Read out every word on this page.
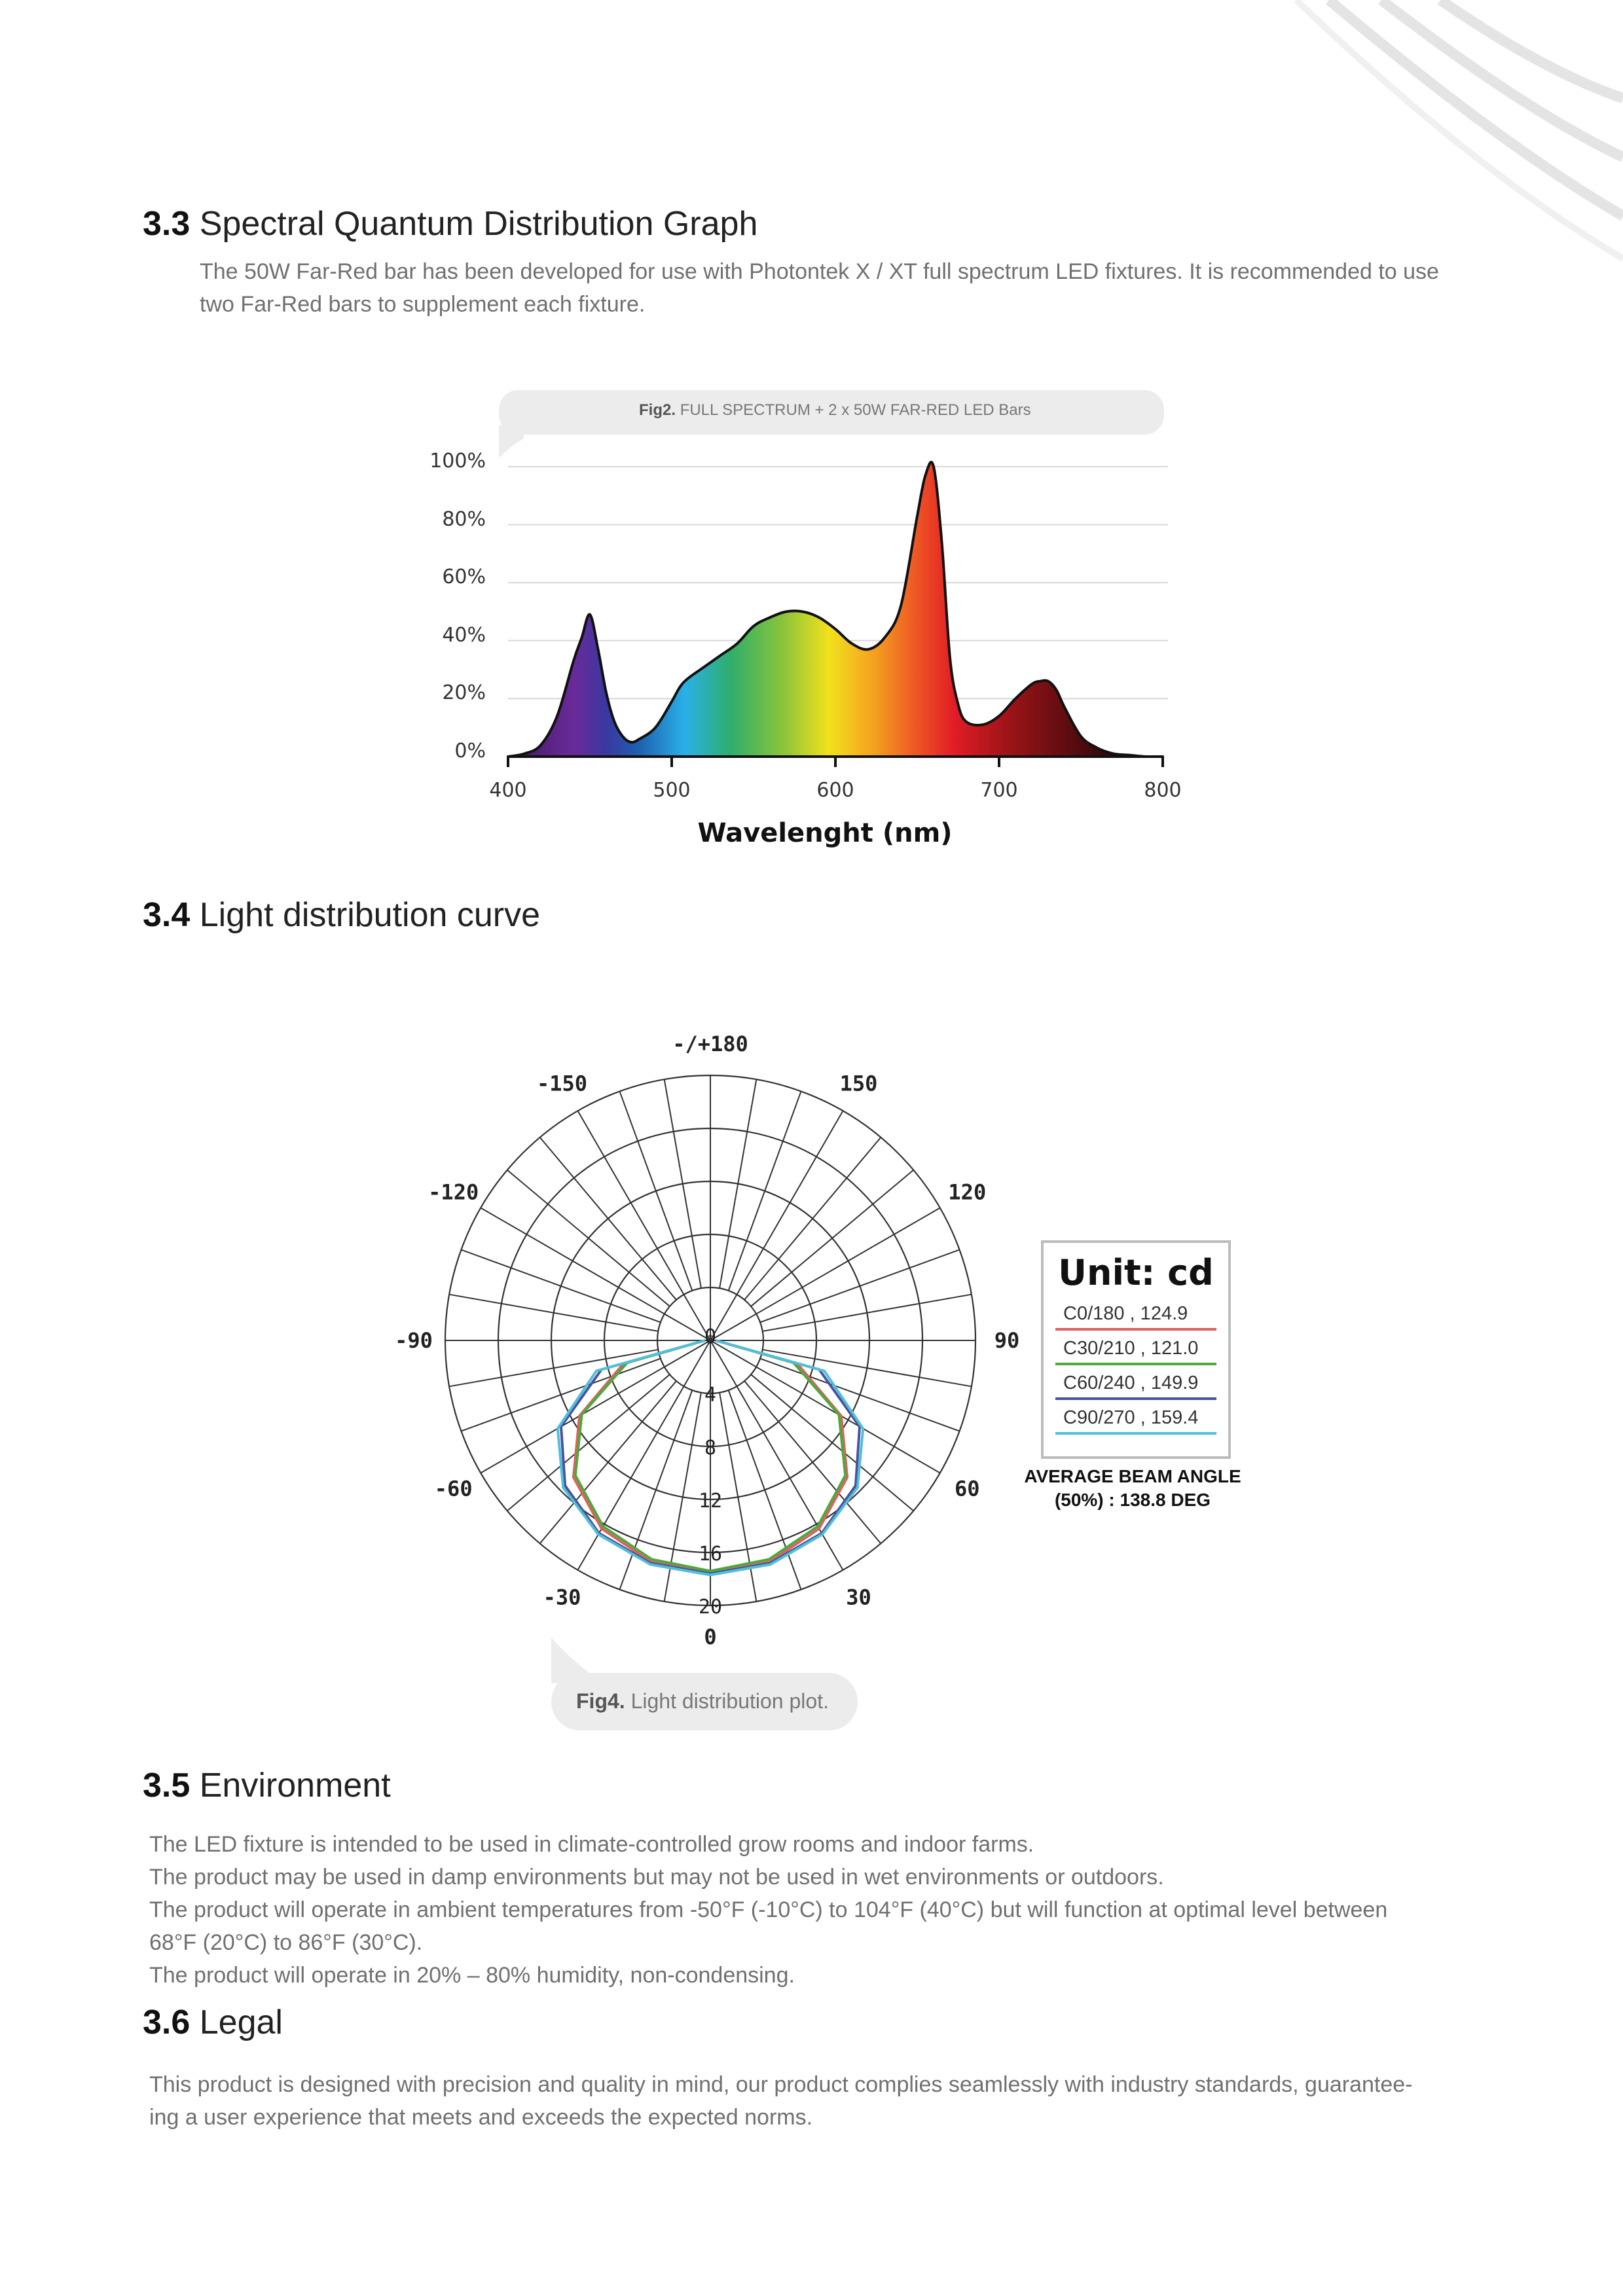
3.3 Spectral Quantum Distribution Graph
The 50W Far-Red bar has been developed for use with Photontek X / XT full spectrum LED fixtures. It is recommended to use
two Far-Red bars to supplement each fixture.
Fig2. FULL SPECTRUM + 2 x 50W FAR-RED LED Bars
100%
80%
60%
40%
20%
0%
400	500	600	700	800
Wavelenght (nm)
3.4 Light distribution curve
-/+180
150
120
90
60
30
0
-30
-60
-90
-120
-150
0
4
8
12
16
20
Unit: cd
C0/180 , 124.9
C30/210 , 121.0
C60/240 , 149.9
C90/270 , 159.4
AVERAGE BEAM ANGLE
(50%) : 138.8 DEG
Fig4. Light distribution plot.
3.5 Environment
The LED fixture is intended to be used in climate-controlled grow rooms and indoor farms.
The product may be used in damp environments but may not be used in wet environments or outdoors.
The product will operate in ambient temperatures from -50°F (-10°C) to 104°F (40°C) but will function at optimal level between
68°F (20°C) to 86°F (30°C).
The product will operate in 20% – 80% humidity, non-condensing.
3.6 Legal
This product is designed with precision and quality in mind, our product complies seamlessly with industry standards, guarantee-
ing a user experience that meets and exceeds the expected norms.
